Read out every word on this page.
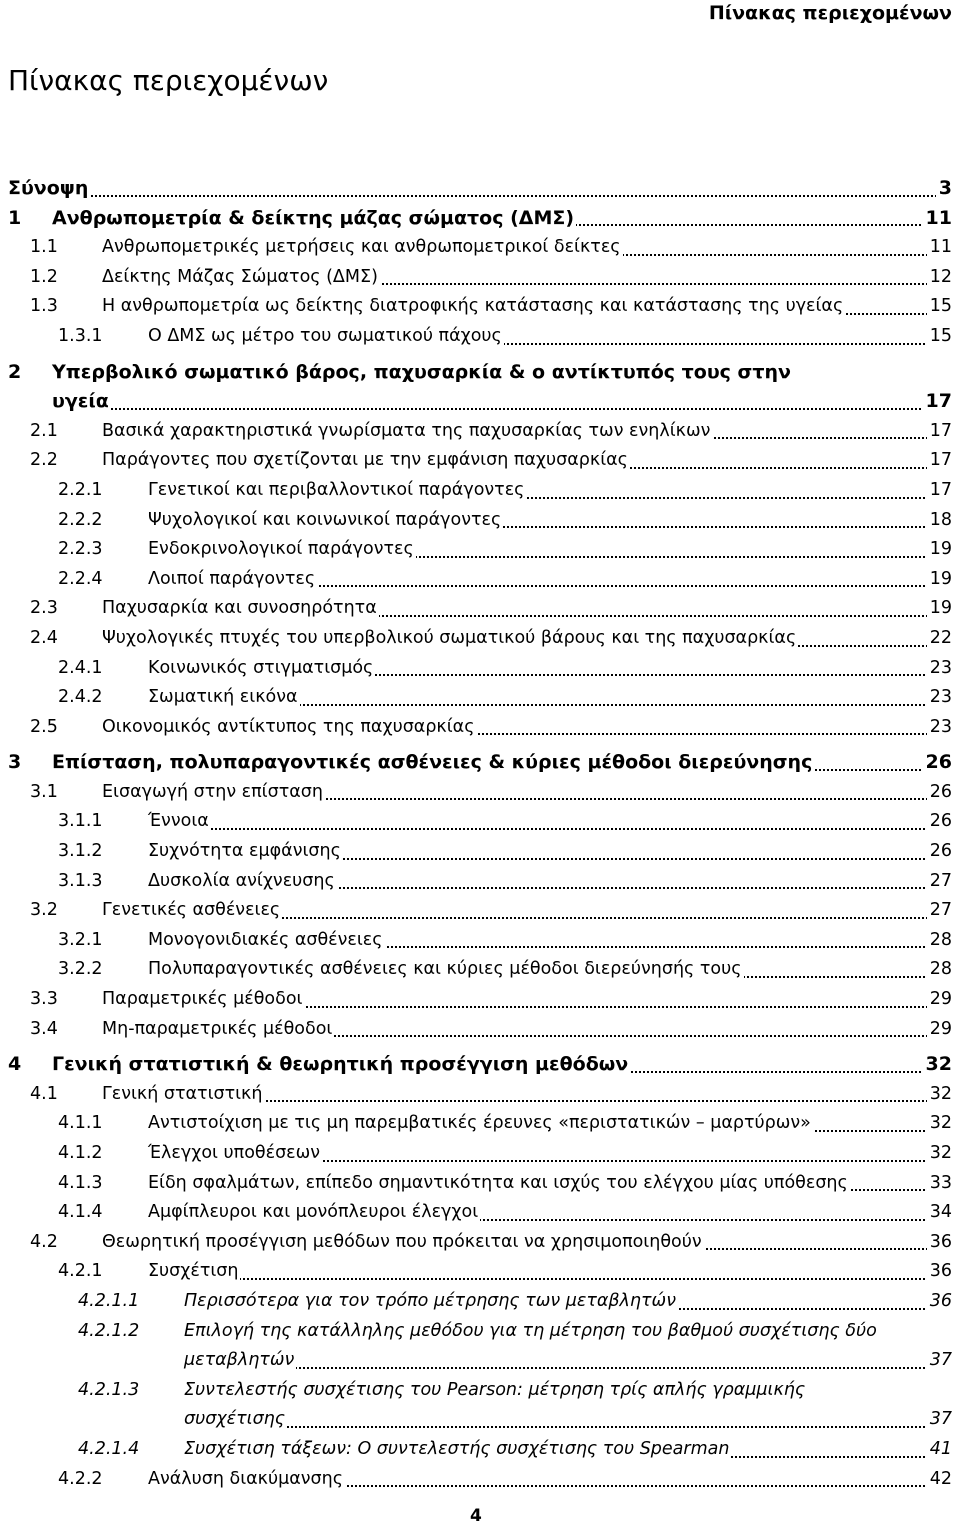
Πίνακας περιεχομένων
Πίνακας περιεχομένων
Σύνοψη	3
1 Ανθρωπομετρία & δείκτης μάζας σώματος (ΔΜΣ)	11
1.1	Ανθρωπομετρικές μετρήσεις και ανθρωπομετρικοί δείκτες	11
1.2	Δείκτης Μάζας Σώματος (ΔΜΣ)	12
1.3	Η ανθρωπομετρία ως δείκτης διατροφικής κατάστασης και κατάστασης της υγείας	15
1.3.1	Ο ΔΜΣ ως μέτρο του σωματικού πάχους	15
2 Υπερβολικό σωματικό βάρος, παχυσαρκία & ο αντίκτυπός τους στην
υγεία	17
2.1	Βασικά χαρακτηριστικά γνωρίσματα της παχυσαρκίας των ενηλίκων	17
2.2	Παράγοντες που σχετίζονται με την εμφάνιση παχυσαρκίας	17
2.2.1	Γενετικοί και περιβαλλοντικοί παράγοντες	17
2.2.2	Ψυχολογικοί και κοινωνικοί παράγοντες	18
2.2.3	Ενδοκρινολογικοί παράγοντες	19
2.2.4	Λοιποί παράγοντες	19
2.3	Παχυσαρκία και συνοσηρότητα	19
2.4	Ψυχολογικές πτυχές του υπερβολικού σωματικού βάρους και της παχυσαρκίας	22
2.4.1	Κοινωνικός στιγματισμός	23
2.4.2	Σωματική εικόνα	23
2.5	Οικονομικός αντίκτυπος της παχυσαρκίας	23
3 Επίσταση, πολυπαραγοντικές ασθένειες & κύριες μέθοδοι διερεύνησης	26
3.1	Εισαγωγή στην επίσταση	26
3.1.1	Έννοια	26
3.1.2	Συχνότητα εμφάνισης	26
3.1.3	Δυσκολία ανίχνευσης	27
3.2	Γενετικές ασθένειες	27
3.2.1	Μονογονιδιακές ασθένειες	28
3.2.2	Πολυπαραγοντικές ασθένειες και κύριες μέθοδοι διερεύνησής τους	28
3.3	Παραμετρικές μέθοδοι	29
3.4	Μη-παραμετρικές μέθοδοι	29
4 Γενική στατιστική & θεωρητική προσέγγιση μεθόδων	32
4.1	Γενική στατιστική	32
4.1.1	Αντιστοίχιση με τις μη παρεμβατικές έρευνες «περιστατικών – μαρτύρων»	32
4.1.2	Έλεγχοι υποθέσεων	32
4.1.3	Είδη σφαλμάτων, επίπεδο σημαντικότητα και ισχύς του ελέγχου μίας υπόθεσης	33
4.1.4	Αμφίπλευροι και μονόπλευροι έλεγχοι	34
4.2	Θεωρητική προσέγγιση μεθόδων που πρόκειται να χρησιμοποιηθούν	36
4.2.1	Συσχέτιση	36
4.2.1.1	Περισσότερα για τον τρόπο μέτρησης των μεταβλητών	36
4.2.1.2	Επιλογή της κατάλληλης μεθόδου για τη μέτρηση του βαθμού συσχέτισης δύο
μεταβλητών	37
4.2.1.3	Συντελεστής συσχέτισης του Pearson: μέτρηση τρίς απλής γραμμικής
συσχέτισης	37
4.2.1.4	Συσχέτιση τάξεων: Ο συντελεστής συσχέτισης του Spearman	41
4.2.2	Ανάλυση διακύμανσης	42
4
